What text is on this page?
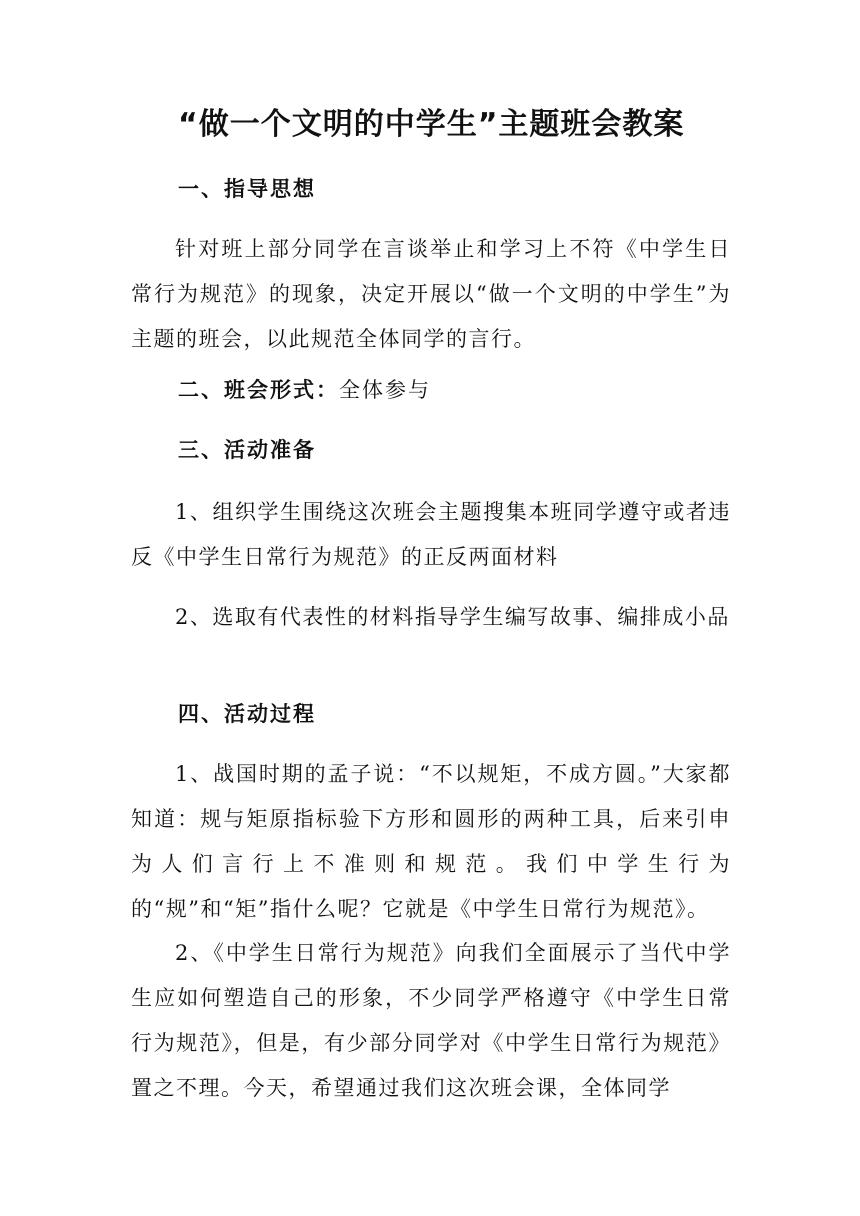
“做一个文明的中学生”主题班会教案
一、指导思想
针对班上部分同学在言谈举止和学习上不符《中学生日常行为规范》的现象，决定开展以“做一个文明的中学生”为主题的班会，以此规范全体同学的言行。
二、班会形式：全体参与
三、活动准备
1、组织学生围绕这次班会主题搜集本班同学遵守或者违反《中学生日常行为规范》的正反两面材料
2、选取有代表性的材料指导学生编写故事、编排成小品
四、活动过程
1、战国时期的孟子说：“不以规矩，不成方圆。”大家都知道：规与矩原指标验下方形和圆形的两种工具，后来引申为人们言行上不准则和规范。我们中学生行为的“规”和“矩”指什么呢？它就是《中学生日常行为规范》。
2、《中学生日常行为规范》向我们全面展示了当代中学生应如何塑造自己的形象，不少同学严格遵守《中学生日常行为规范》，但是，有少部分同学对《中学生日常行为规范》置之不理。今天，希望通过我们这次班会课，全体同学
